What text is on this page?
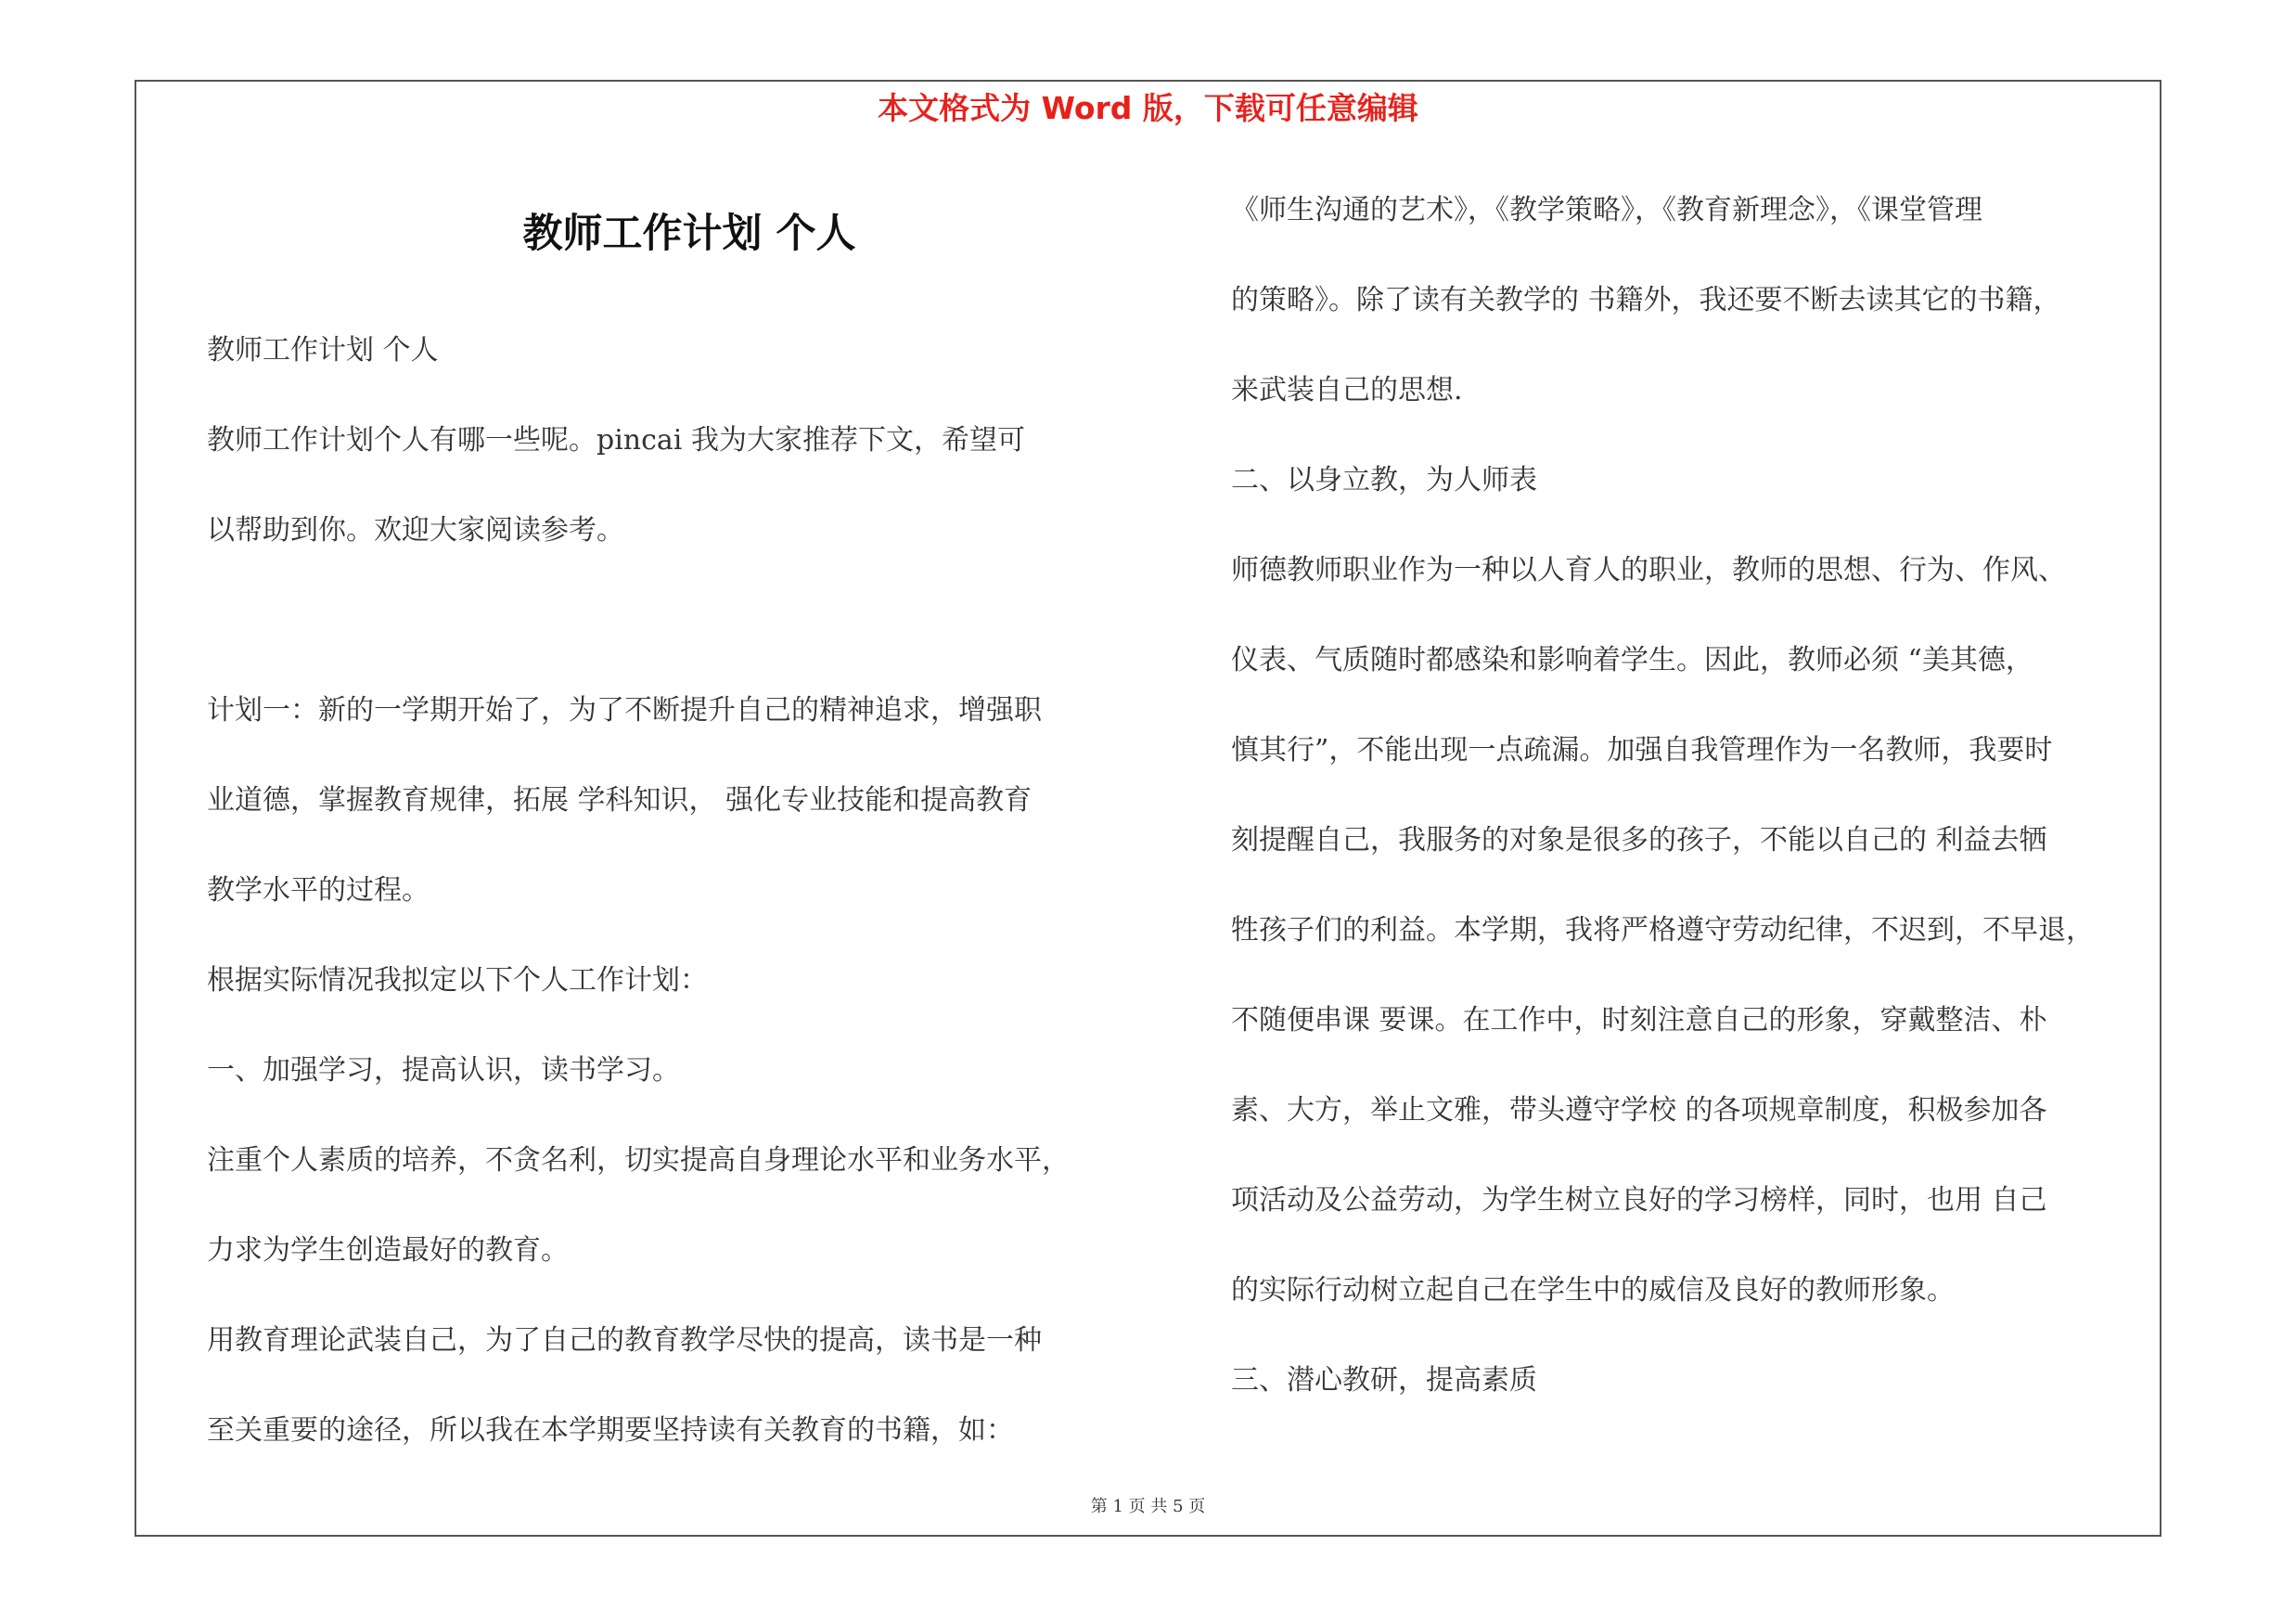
本文格式为 Word 版，下载可任意编辑
教师工作计划 个人
教师工作计划 个人
教师工作计划个人有哪一些呢。pincai 我为大家推荐下文，希望可
以帮助到你。欢迎大家阅读参考。
计划一：新的一学期开始了，为了不断提升自己的精神追求，增强职
业道德，掌握教育规律，拓展 学科知识， 强化专业技能和提高教育
教学水平的过程。
根据实际情况我拟定以下个人工作计划：
一、加强学习，提高认识，读书学习。
注重个人素质的培养，不贪名利，切实提高自身理论水平和业务水平，
力求为学生创造最好的教育。
用教育理论武装自己，为了自己的教育教学尽快的提高，读书是一种
至关重要的途径，所以我在本学期要坚持读有关教育的书籍，如：
《师生沟通的艺术》，《教学策略》，《教育新理念》，《课堂管理
的策略》。除了读有关教学的 书籍外，我还要不断去读其它的书籍，
来武装自己的思想.
二、以身立教，为人师表
师德教师职业作为一种以人育人的职业，教师的思想、行为、作风、
仪表、气质随时都感染和影响着学生。因此，教师必须 “美其德，
慎其行”，不能出现一点疏漏。加强自我管理作为一名教师，我要时
刻提醒自己，我服务的对象是很多的孩子，不能以自己的 利益去牺
牲孩子们的利益。本学期，我将严格遵守劳动纪律，不迟到，不早退，
不随便串课 要课。在工作中，时刻注意自己的形象，穿戴整洁、朴
素、大方，举止文雅，带头遵守学校 的各项规章制度，积极参加各
项活动及公益劳动，为学生树立良好的学习榜样，同时，也用 自己
的实际行动树立起自己在学生中的威信及良好的教师形象。
三、潜心教研，提高素质
第 1 页 共 5 页
